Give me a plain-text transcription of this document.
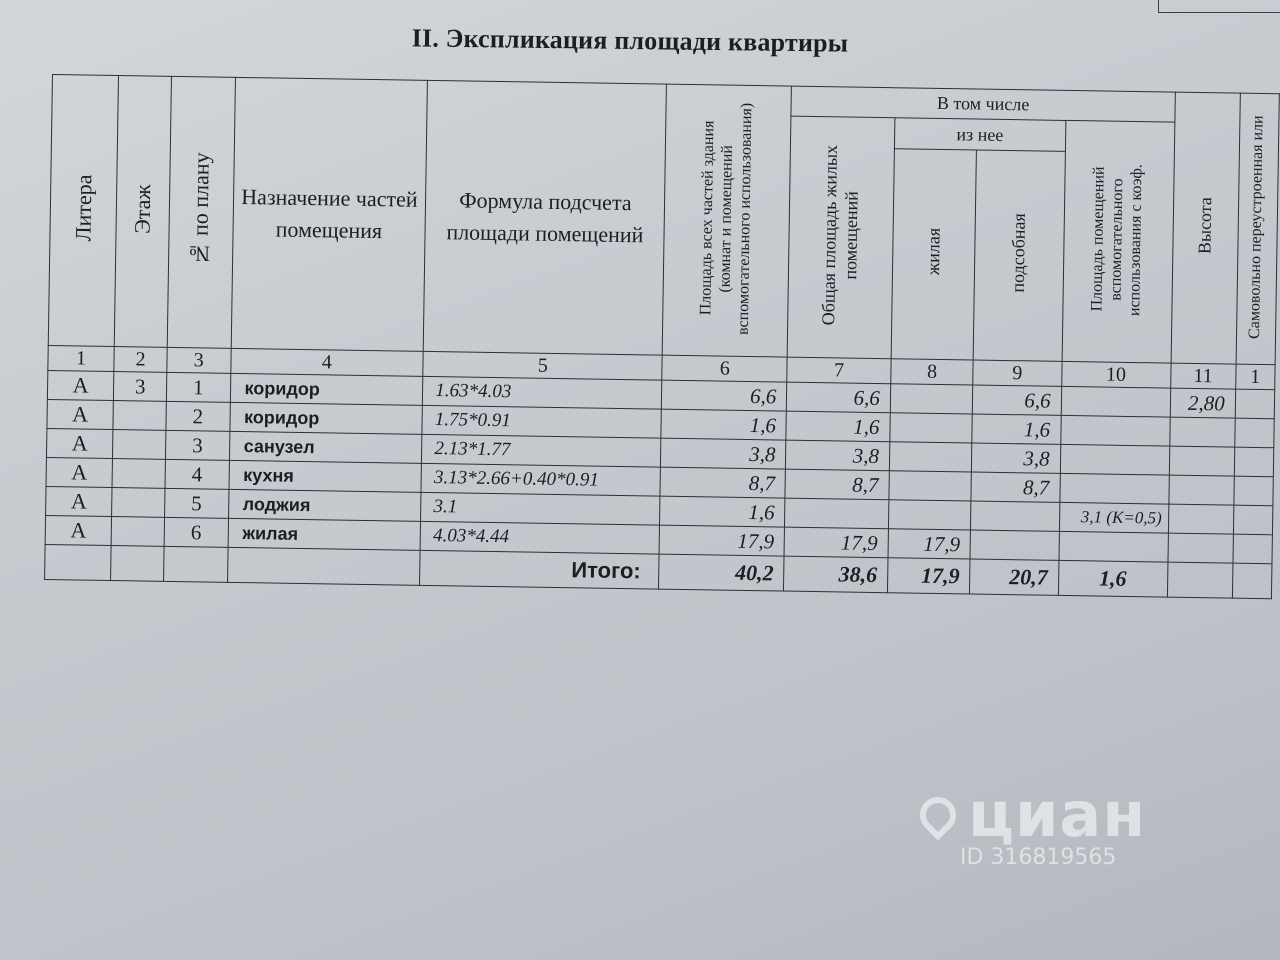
II. Экспликация площади квартиры
Литера	Этаж	№ по плану	Назначение частей помещения	Формула подсчета площади помещений	Площадь всех частей здания (комнат и помещений вспомогательного использования)	В том числе				Высота	Самовольно переустроенная или
						Общая площадь жилых помещений	из нее		Площадь помещений вспомогательного использования с коэф.		
							жилая	подсобная			
1	2	3	4	5	6	7	8	9	10	11	1
А	3	1	коридор	1.63*4.03	6,6	6,6		6,6		2,80	
А		2	коридор	1.75*0.91	1,6	1,6		1,6			
А		3	санузел	2.13*1.77	3,8	3,8		3,8			
А		4	кухня	3.13*2.66+0.40*0.91	8,7	8,7		8,7			
А		5	лоджия	3.1	1,6				3,1 (K=0,5)		
А		6	жилая	4.03*4.44	17,9	17,9	17,9				
				Итого:	40,2	38,6	17,9	20,7	1,6		
циан
ID 316819565
